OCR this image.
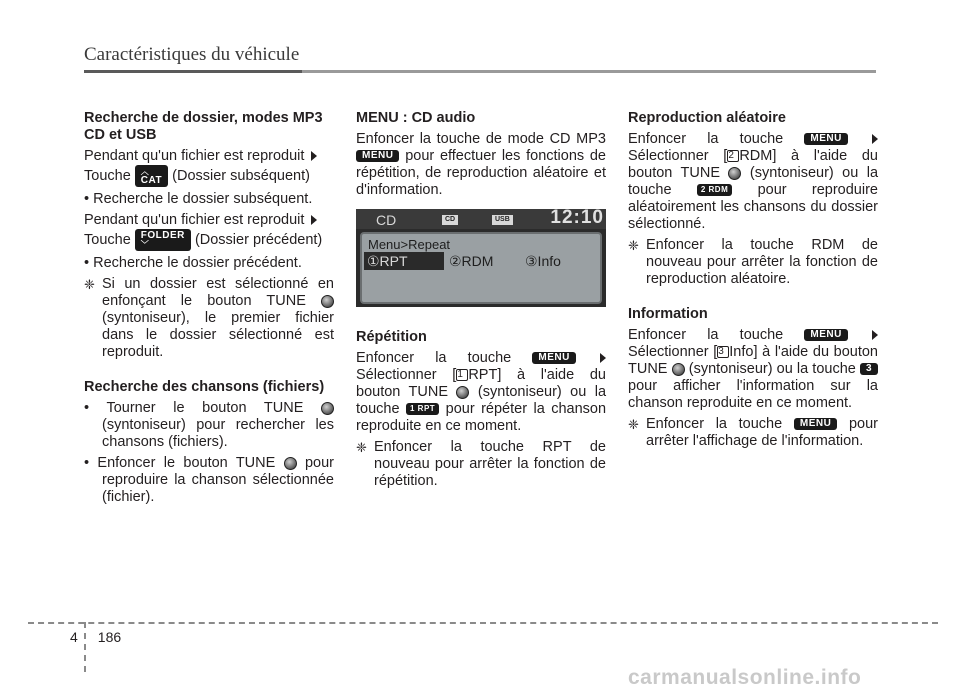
Caractéristiques du véhicule
Recherche de dossier, modes MP3 CD et USB
Pendant qu'un fichier est reproduit
Touche ︿
CAT (Dossier subséquent)
• Recherche le dossier subséquent.
Pendant qu'un fichier est reproduit
Touche FOLDER
﹀	(Dossier précédent)
• Recherche le dossier précédent.
❈ Si un dossier est sélectionné en enfonçant le bouton TUNE  (syntoniseur), le premier fichier dans le dossier sélectionné est reproduit.
Recherche des chansons (fichiers)
• Tourner le bouton TUNE  (syntoniseur) pour rechercher les chansons (fichiers).
• Enfoncer le bouton TUNE pour reproduire la chanson sélectionnée (fichier).
MENU : CD audio
Enfoncer la touche de mode CD MP3 MENU pour effectuer les fonctions de répétition, de reproduction aléatoire et d'information.
CD	CD	USB 12:10
Menu>Repeat
①RPT	②RDM ③Info
Répétition
Enfoncer la touche	MENU  Sélectionner [1 RPT] à l'aide du bouton TUNE (syntoniseur) ou la touche 1 RPT pour répéter la chanson reproduite en ce moment.
❈ Enfoncer la touche RPT de nouveau pour arrêter la fonction de répétition.
Reproduction aléatoire
Enfoncer la touche	MENU  Sélectionner [2 RDM] à l'aide du bouton TUNE (syntoniseur) ou la touche	2 RDM pour reproduire aléatoirement les chansons du dossier sélectionné.
❈ Enfoncer la touche RDM de nouveau pour arrêter la fonction de reproduction aléatoire.
Information
Enfoncer la touche	MENU  Sélectionner [3 Info] à l'aide du bouton TUNE (syntoniseur) ou la touche 3 pour afficher l'information sur la chanson reproduite en ce moment.
❈ Enfoncer la touche MENU pour arrêter l'affichage de l'information.
4 186
carmanualsonline.info
